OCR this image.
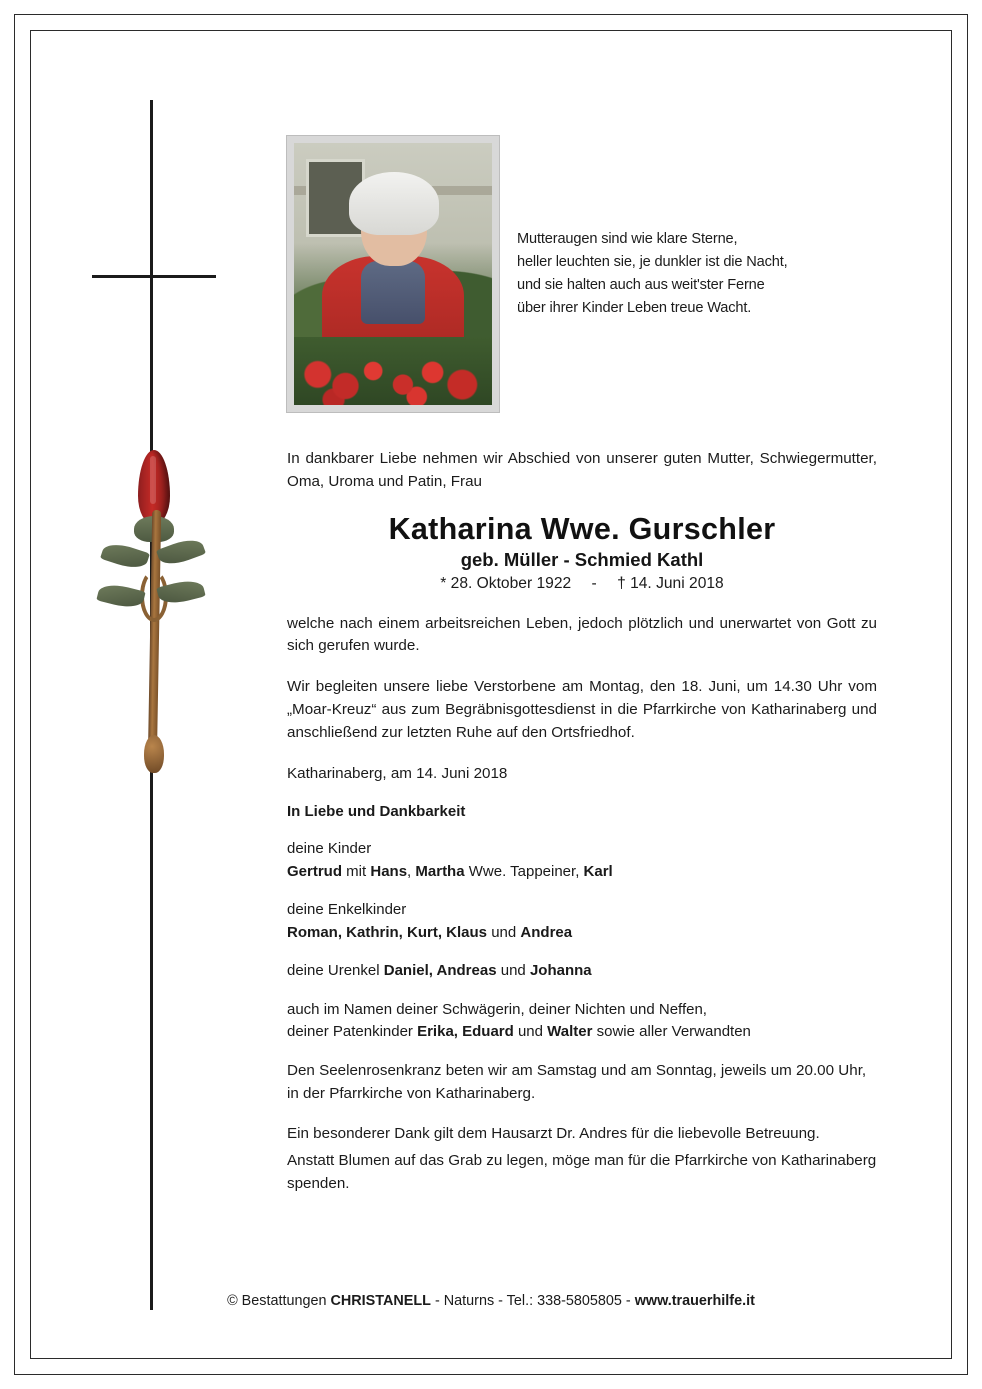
Mutteraugen sind wie klare Sterne,
heller leuchten sie, je dunkler ist die Nacht,
und sie halten auch aus weit'ster Ferne
über ihrer Kinder Leben treue Wacht.

In dankbarer Liebe nehmen wir Abschied von unserer guten Mutter, Schwiegermutter, Oma, Uroma und Patin, Frau

Katharina Wwe. Gurschler
geb. Müller - Schmied Kathl
* 28. Oktober 1922 - † 14. Juni 2018

welche nach einem arbeitsreichen Leben, jedoch plötzlich und unerwartet von Gott zu sich gerufen wurde.

Wir begleiten unsere liebe Verstorbene am Montag, den 18. Juni, um 14.30 Uhr vom „Moar-Kreuz“ aus zum Begräbnisgottesdienst in die Pfarrkirche von Katharinaberg und anschließend zur letzten Ruhe auf den Ortsfriedhof.

Katharinaberg, am 14. Juni 2018

In Liebe und Dankbarkeit

deine Kinder
Gertrud mit Hans, Martha Wwe. Tappeiner, Karl
deine Enkelkinder
Roman, Kathrin, Kurt, Klaus und Andrea
deine Urenkel Daniel, Andreas und Johanna
auch im Namen deiner Schwägerin, deiner Nichten und Neffen,
deiner Patenkinder Erika, Eduard und Walter sowie aller Verwandten

Den Seelenrosenkranz beten wir am Samstag und am Sonntag, jeweils um 20.00 Uhr, in der Pfarrkirche von Katharinaberg.

Ein besonderer Dank gilt dem Hausarzt Dr. Andres für die liebevolle Betreuung.

Anstatt Blumen auf das Grab zu legen, möge man für die Pfarrkirche von Katharinaberg spenden.

© Bestattungen CHRISTANELL - Naturns - Tel.: 338-5805805 - www.trauerhilfe.it
